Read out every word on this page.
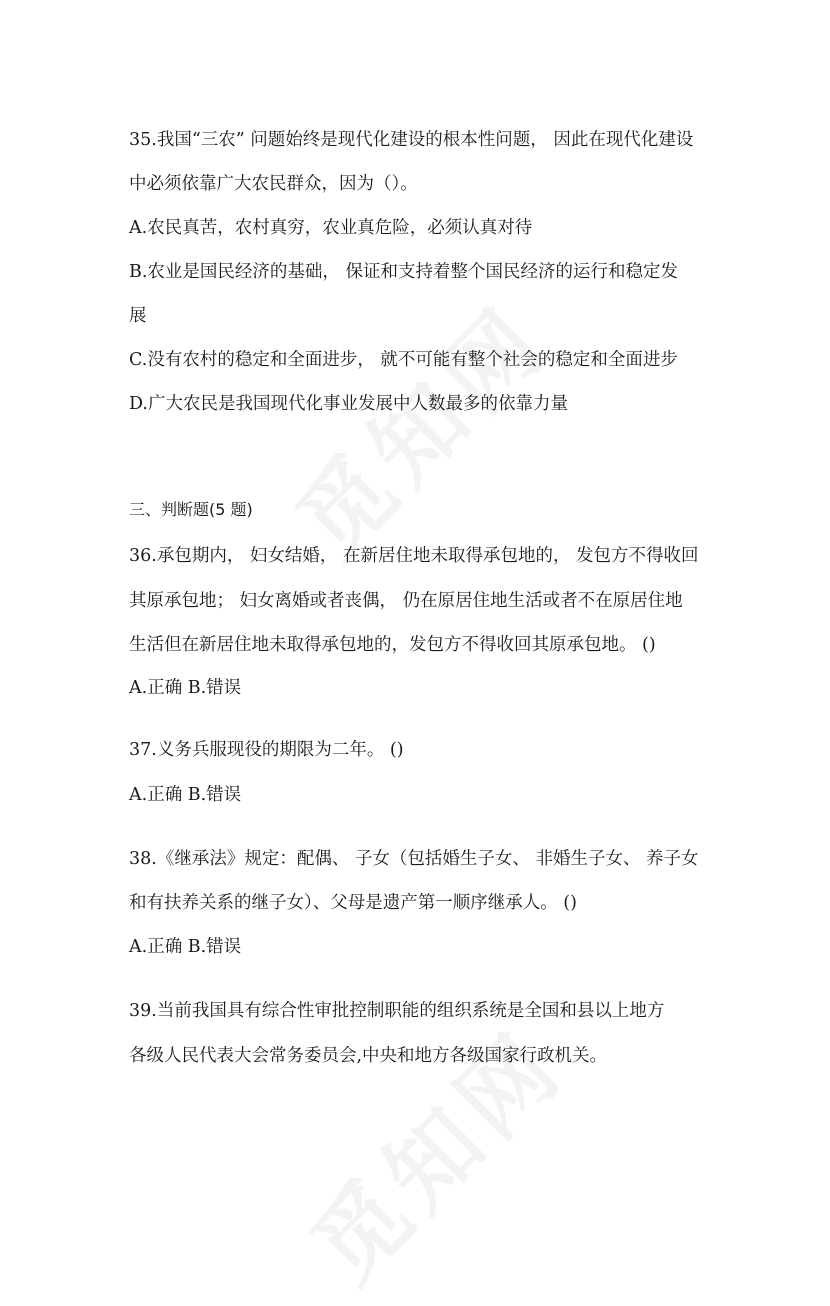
35.我国“三农” 问题始终是现代化建设的根本性问题， 因此在现代化建设

中必须依靠广大农民群众，因为（）。

A.农民真苦，农村真穷，农业真危险，必须认真对待

B.农业是国民经济的基础， 保证和支持着整个国民经济的运行和稳定发

展

C.没有农村的稳定和全面进步， 就不可能有整个社会的稳定和全面进步

D.广大农民是我国现代化事业发展中人数最多的依靠力量

三、判断题(5 题)

36.承包期内， 妇女结婚， 在新居住地未取得承包地的， 发包方不得收回

其原承包地； 妇女离婚或者丧偶， 仍在原居住地生活或者不在原居住地

生活但在新居住地未取得承包地的，发包方不得收回其原承包地。 ()

A.正确 B.错误

37.义务兵服现役的期限为二年。 ()

A.正确 B.错误

38.《继承法》规定：配偶、 子女（包括婚生子女、 非婚生子女、 养子女

和有扶养关系的继子女）、父母是遗产第一顺序继承人。 ()

A.正确 B.错误

39.当前我国具有综合性审批控制职能的组织系统是全国和县以上地方

各级人民代表大会常务委员会,中央和地方各级国家行政机关。
